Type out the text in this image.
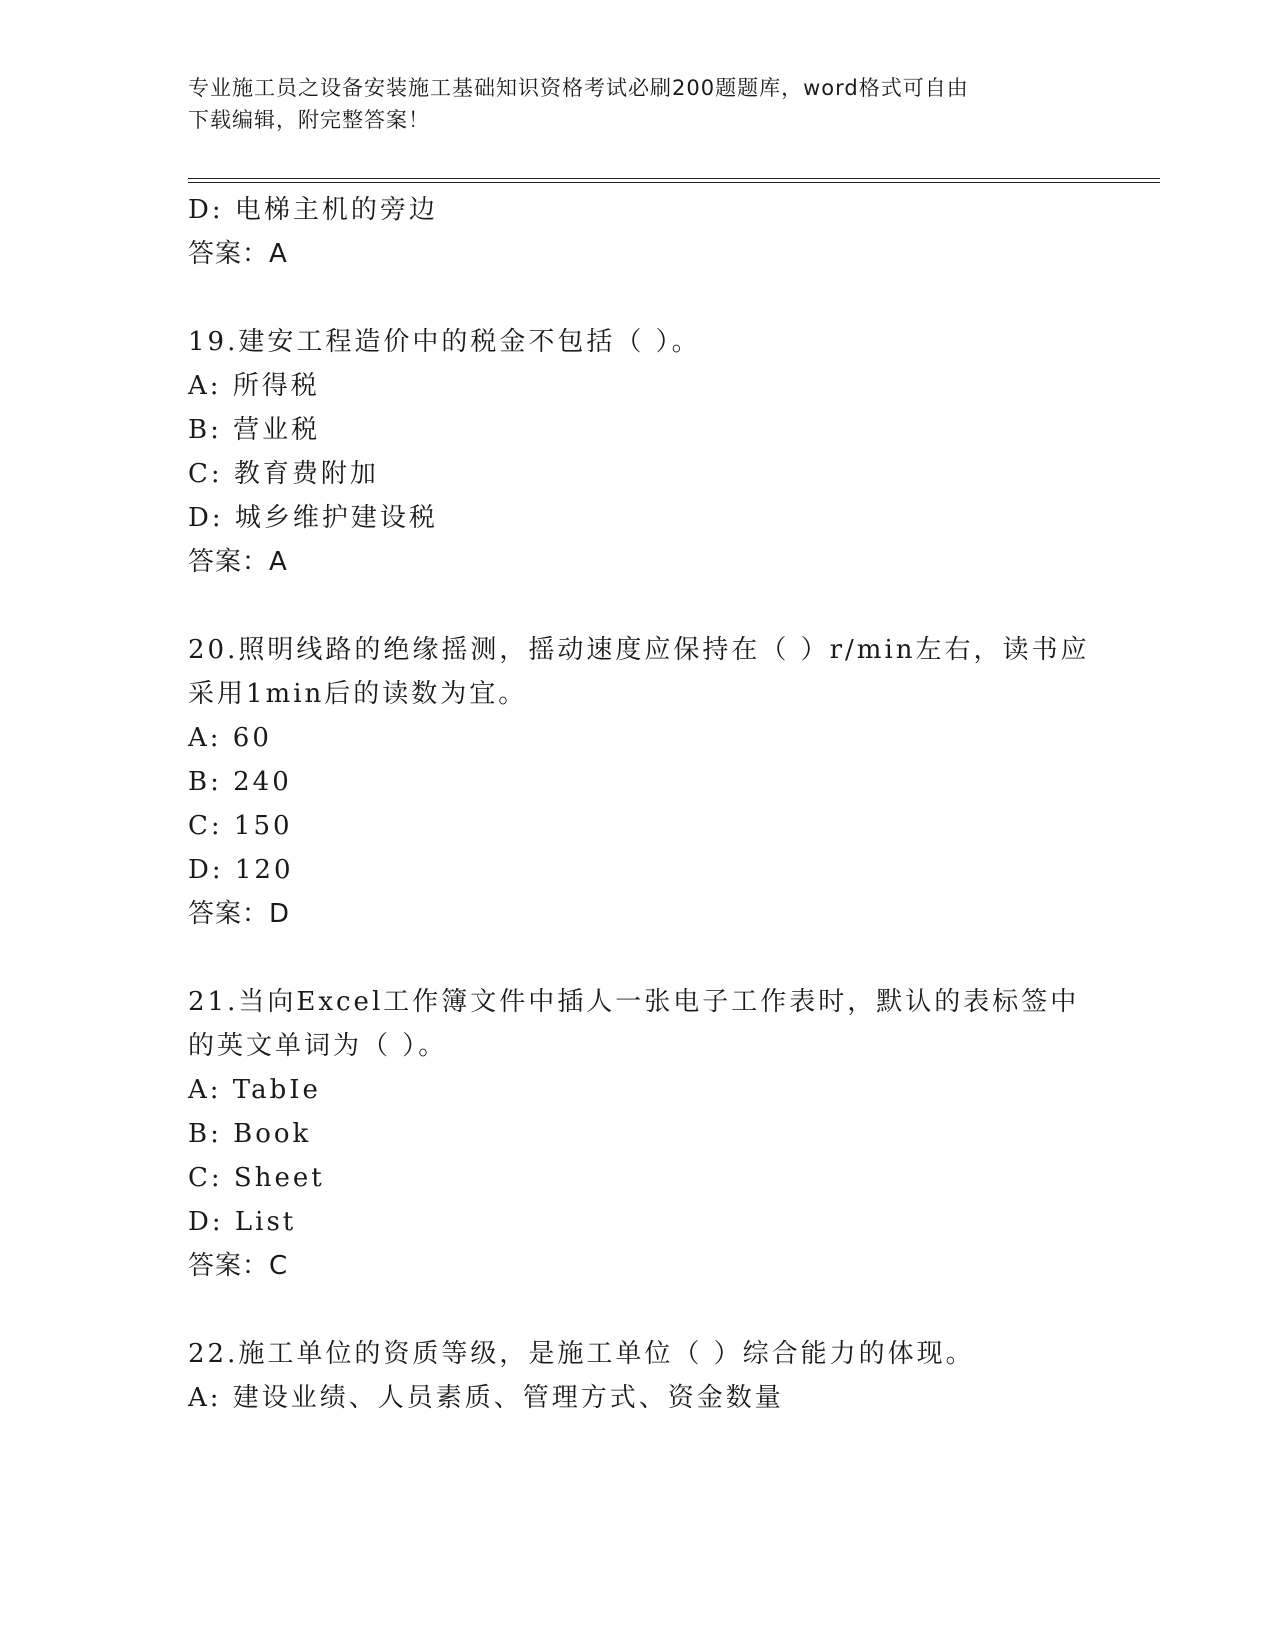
专业施工员之设备安装施工基础知识资格考试必刷200题题库，word格式可自由
下载编辑，附完整答案！
D: 电梯主机的旁边
答案：A
19.建安工程造价中的税金不包括（ ）。
A: 所得税
B: 营业税
C: 教育费附加
D: 城乡维护建设税
答案：A
20.照明线路的绝缘摇测，摇动速度应保持在（ ）r/min左右，读书应
采用1min后的读数为宜。
A: 60
B: 240
C: 150
D: 120
答案：D
21.当向Excel工作簿文件中插人一张电子工作表时，默认的表标签中
的英文单词为（ ）。
A: TabIe
B: Book
C: Sheet
D: List
答案：C
22.施工单位的资质等级，是施工单位（ ）综合能力的体现。
A: 建设业绩、人员素质、管理方式、资金数量
